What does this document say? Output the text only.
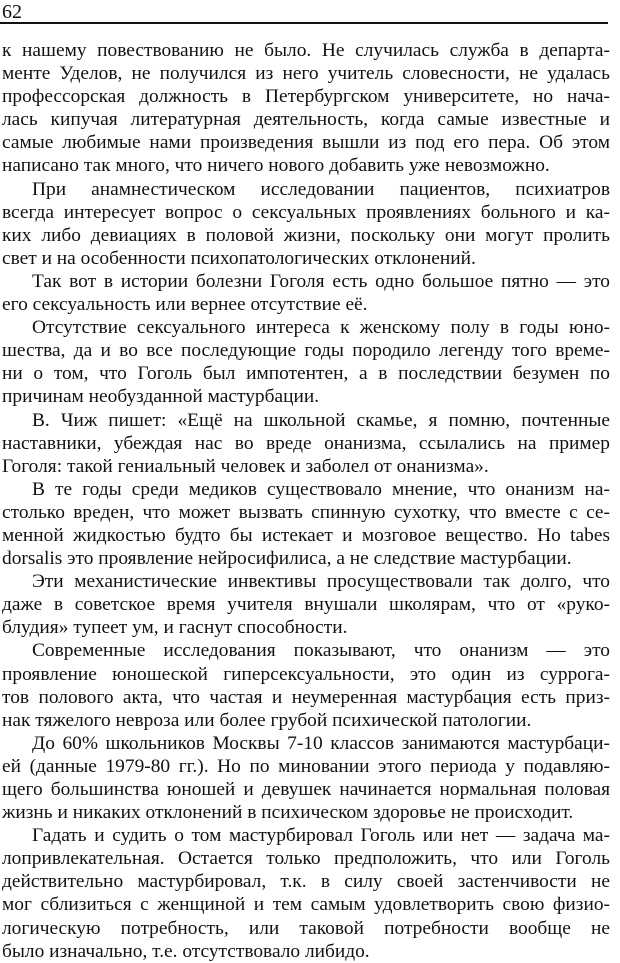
62
к нашему повествованию не было. Не случилась служба в департа-
менте Уделов, не получился из него учитель словесности, не удалась
профессорская должность в Петербургском университете, но нача-
лась кипучая литературная деятельность, когда самые известные и
самые любимые нами произведения вышли из под его пера. Об этом
написано так много, что ничего нового добавить уже невозможно.
При анамнестическом исследовании пациентов, психиатров
всегда интересует вопрос о сексуальных проявлениях больного и ка-
ких либо девиациях в половой жизни, поскольку они могут пролить
свет и на особенности психопатологических отклонений.
Так вот в истории болезни Гоголя есть одно большое пятно — это
его сексуальность или вернее отсутствие её.
Отсутствие сексуального интереса к женскому полу в годы юно-
шества, да и во все последующие годы породило легенду того време-
ни о том, что Гоголь был импотентен, а в последствии безумен по
причинам необузданной мастурбации.
В. Чиж пишет: «Ещё на школьной скамье, я помню, почтенные
наставники, убеждая нас во вреде онанизма, ссылались на пример
Гоголя: такой гениальный человек и заболел от онанизма».
В те годы среди медиков существовало мнение, что онанизм на-
столько вреден, что может вызвать спинную сухотку, что вместе с се-
менной жидкостью будто бы истекает и мозговое вещество. Но tabes
dorsalis это проявление нейросифилиса, а не следствие мастурбации.
Эти механистические инвективы просуществовали так долго, что
даже в советское время учителя внушали школярам, что от «руко-
блудия» тупеет ум, и гаснут способности.
Современные исследования показывают, что онанизм — это
проявление юношеской гиперсексуальности, это один из суррога-
тов полового акта, что частая и неумеренная мастурбация есть приз-
нак тяжелого невроза или более грубой психической патологии.
До 60% школьников Москвы 7-10 классов занимаются мастурбаци-
ей (данные 1979-80 гг.). Но по миновании этого периода у подавляю-
щего большинства юношей и девушек начинается нормальная половая
жизнь и никаких отклонений в психическом здоровье не происходит.
Гадать и судить о том мастурбировал Гоголь или нет — задача ма-
лопривлекательная. Остается только предположить, что или Гоголь
действительно мастурбировал, т.к. в силу своей застенчивости не
мог сблизиться с женщиной и тем самым удовлетворить свою физио-
логическую потребность, или таковой потребности вообще не
было изначально, т.е. отсутствовало либидо.
